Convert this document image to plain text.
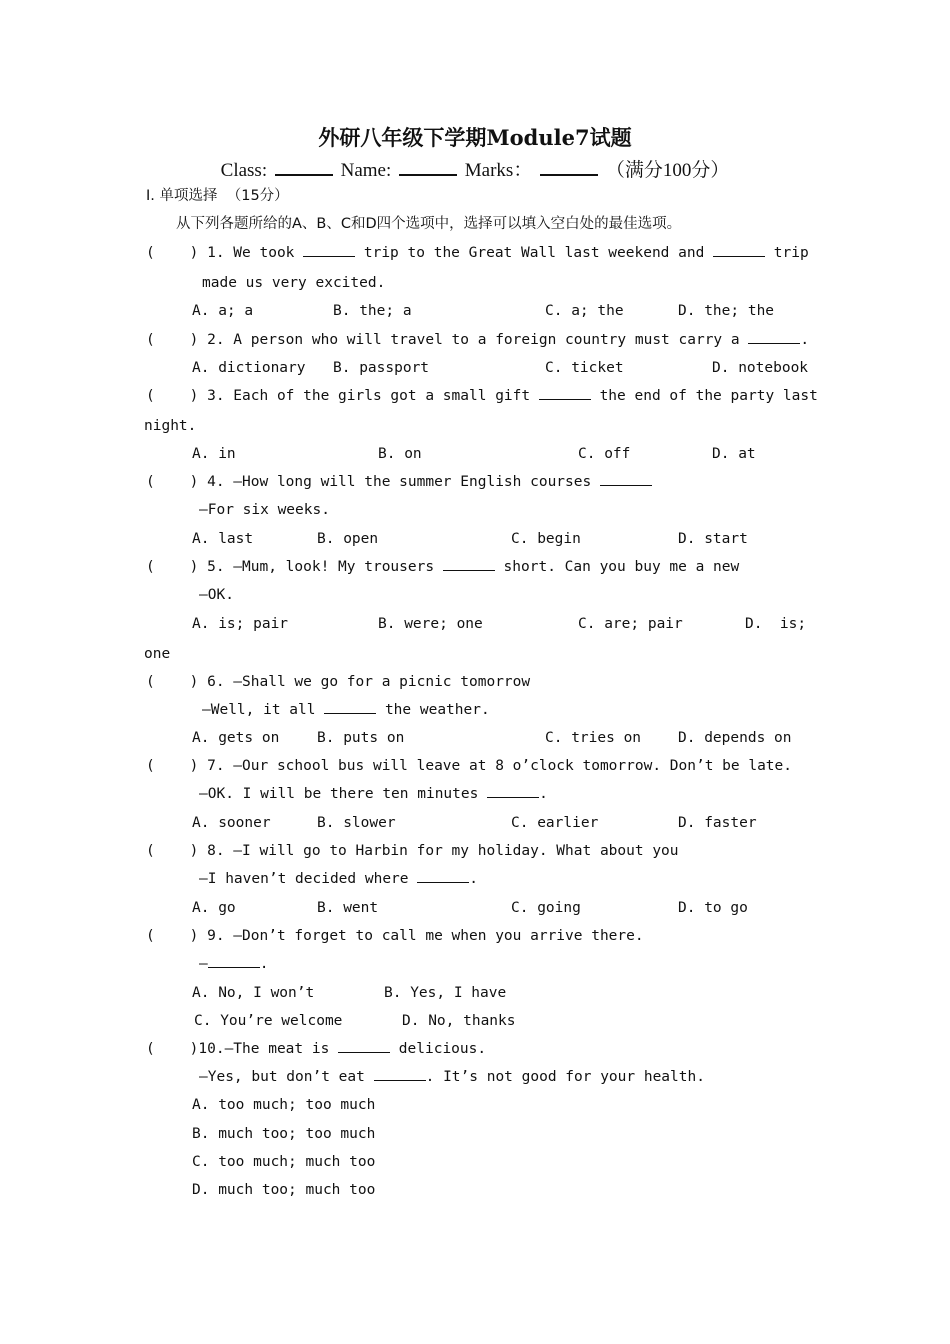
外研八年级下学期Module7试题
Class:	Name:	Marks：	（满分100分）
Ⅰ. 单项选择  （15分）
从下列各题所给的A、B、C和D四个选项中，选择可以填入空白处的最佳选项。
(    ) 1. We took	trip to the Great Wall last weekend and	trip
made us very excited.
A. a; a	B. the; a	C. a; the	D. the; the
(    ) 2. A person who will travel to a foreign country must carry a	.
A. dictionary B. passport	C. ticket	D. notebook
(    ) 3. Each of the girls got a small gift	the end of the party last
night.
A. in	B. on	C. off	D. at
(    ) 4. —How long will the summer English courses
—For six weeks.
A. last	B. open	C. begin	D. start
(    ) 5. —Mum, look! My trousers	short. Can you buy me a new
—OK.
A. is; pair	B. were; one	C. are; pair	D.  is;
one
(    ) 6. —Shall we go for a picnic tomorrow
—Well, it all	the weather.
A. gets on	B. puts on	C. tries on	D. depends on
(    ) 7. —Our school bus will leave at 8 o’clock tomorrow. Don’t be late.
—OK. I will be there ten minutes	.
A. sooner	B. slower	C. earlier	D. faster
(    ) 8. —I will go to Harbin for my holiday. What about you
—I haven’t decided where	.
A. go	B. went	C. going	D. to go
(    ) 9. —Don’t forget to call me when you arrive there.
—	.
A. No, I won’t	B. Yes, I have
C. You’re welcome	D. No, thanks
(    )10.—The meat is	delicious.
—Yes, but don’t eat	. It’s not good for your health.
A. too much; too much
B. much too; too much
C. too much; much too
D. much too; much too
